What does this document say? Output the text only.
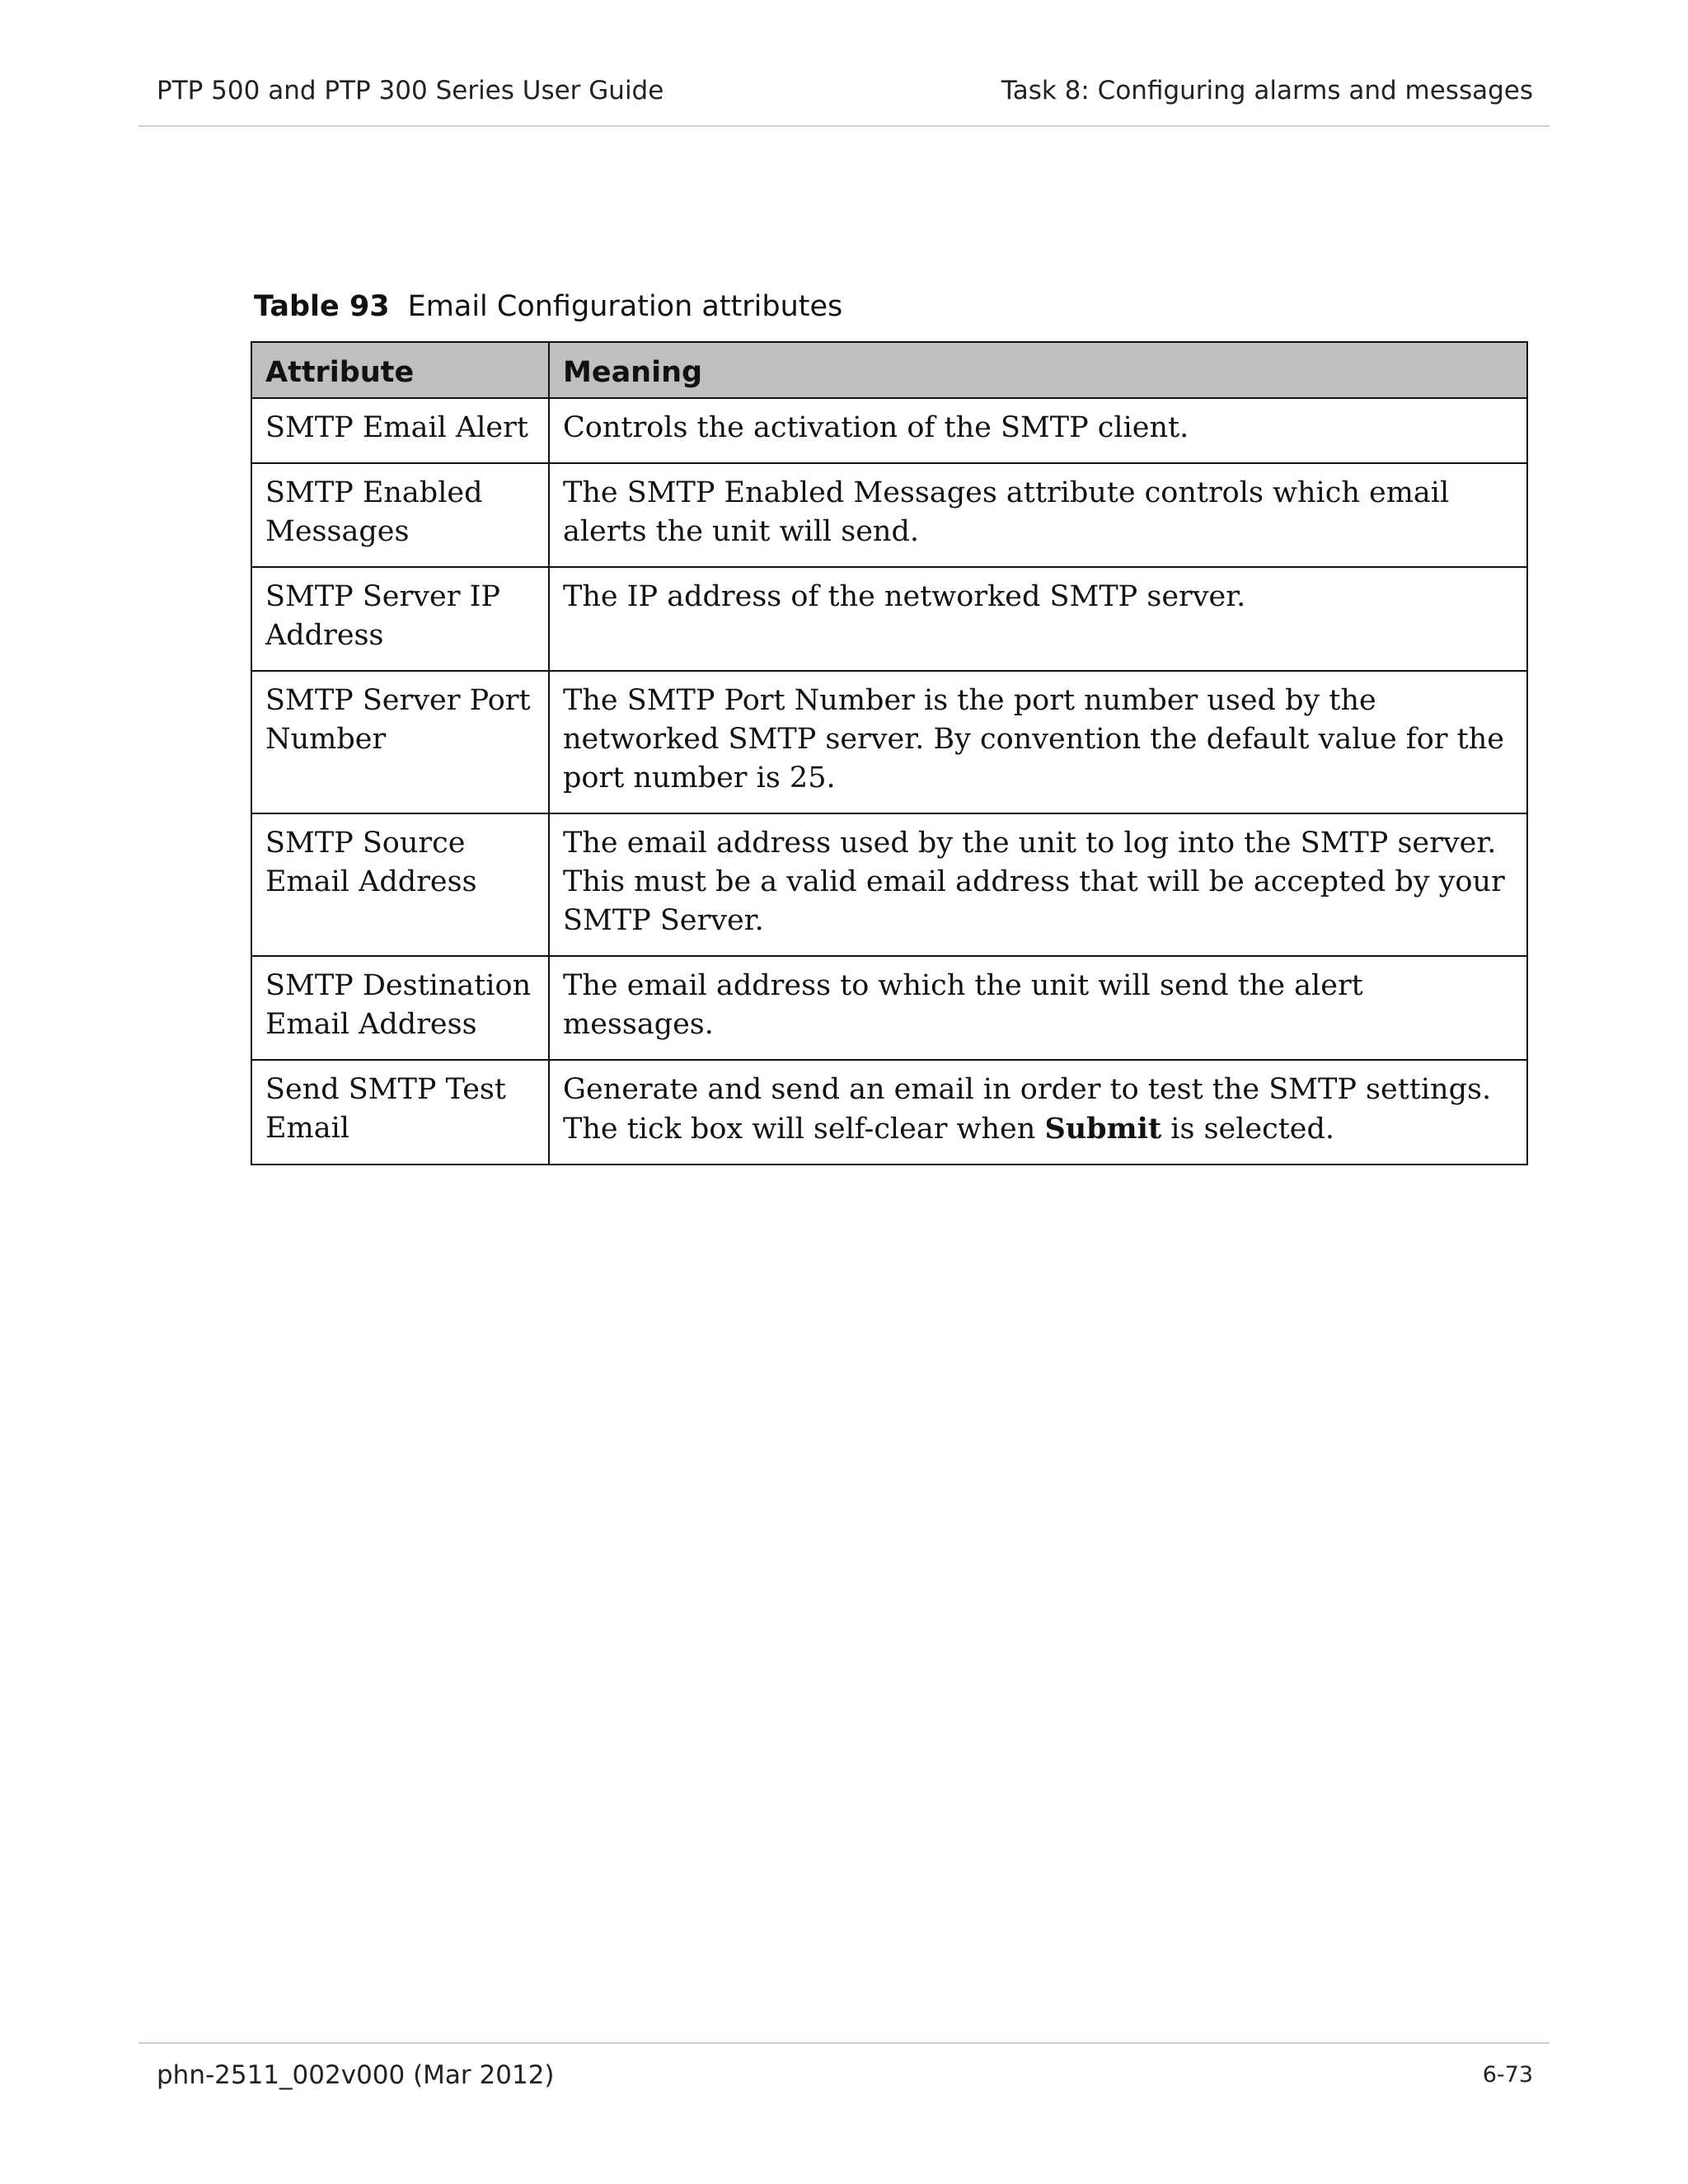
PTP 500 and PTP 300 Series User Guide	Task 8: Configuring alarms and messages
Table 93 Email Configuration attributes
Attribute	Meaning
SMTP Email Alert	Controls the activation of the SMTP client.
SMTP Enabled Messages	The SMTP Enabled Messages attribute controls which email alerts the unit will send.
SMTP Server IP Address	The IP address of the networked SMTP server.
SMTP Server Port Number	The SMTP Port Number is the port number used by the networked SMTP server. By convention the default value for the port number is 25.
SMTP Source Email Address	The email address used by the unit to log into the SMTP server. This must be a valid email address that will be accepted by your SMTP Server.
SMTP Destination Email Address	The email address to which the unit will send the alert messages.
Send SMTP Test Email	Generate and send an email in order to test the SMTP settings. The tick box will self-clear when Submit is selected.
phn-2511_002v000 (Mar 2012)	6-73
